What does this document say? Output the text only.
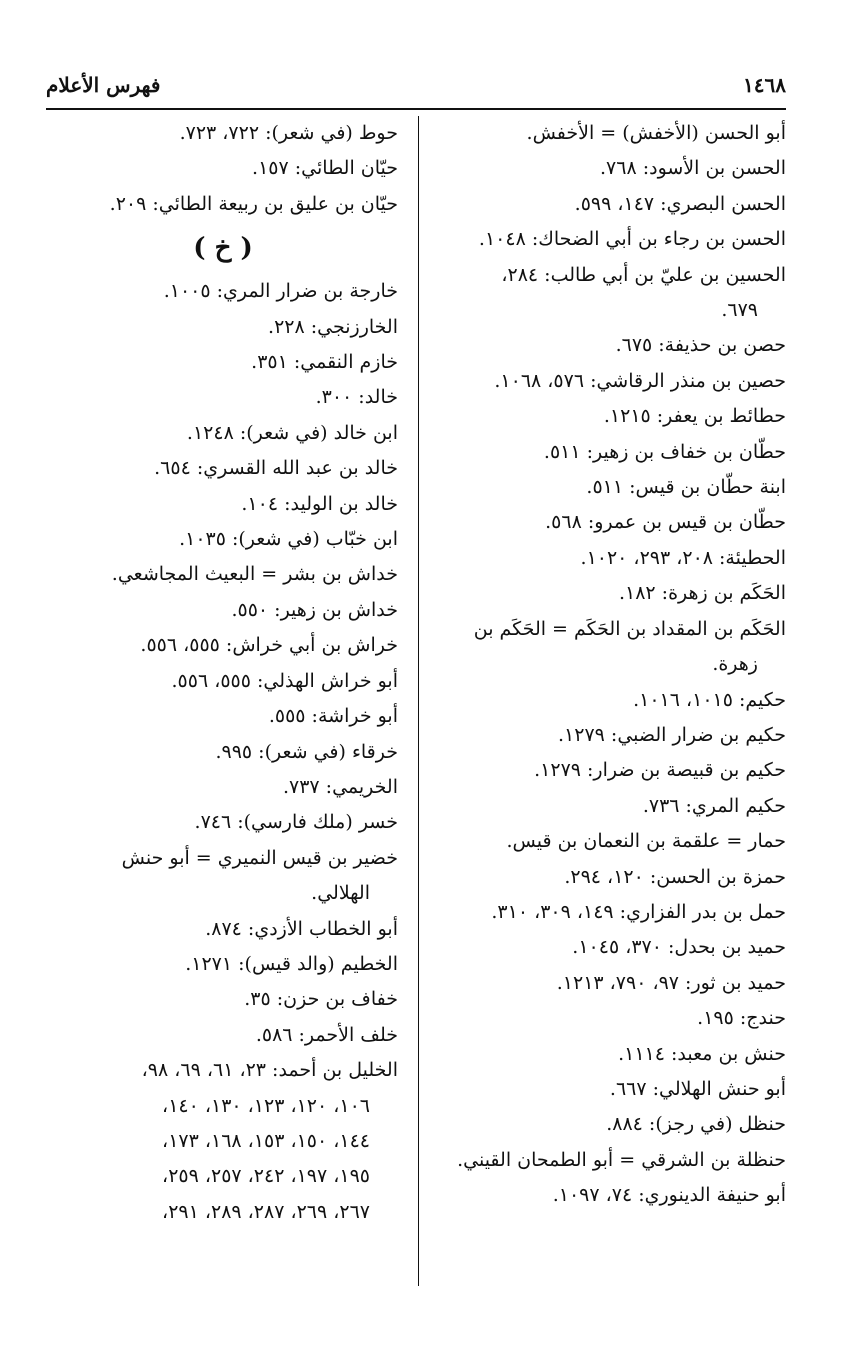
فهرس الأعلام	١٤٦٨
أبو الحسن (الأخفش) = الأخفش.
الحسن بن الأسود: ٧٦٨.
الحسن البصري: ١٤٧، ٥٩٩.
الحسن بن رجاء بن أبي الضحاك: ١٠٤٨.
الحسين بن عليّ بن أبي طالب: ٢٨٤،
٦٧٩.
حصن بن حذيفة: ٦٧٥.
حصين بن منذر الرقاشي: ٥٧٦، ١٠٦٨.
حطائط بن يعفر: ١٢١٥.
حطّان بن خفاف بن زهير: ٥١١.
ابنة حطّان بن قيس: ٥١١.
حطّان بن قيس بن عمرو: ٥٦٨.
الحطيئة: ٢٠٨، ٢٩٣، ١٠٢٠.
الحَكَم بن زهرة: ١٨٢.
الحَكَم بن المقداد بن الحَكَم = الحَكَم بن
زهرة.
حكيم: ١٠١٥، ١٠١٦.
حكيم بن ضرار الضبي: ١٢٧٩.
حكيم بن قبيصة بن ضرار: ١٢٧٩.
حكيم المري: ٧٣٦.
حمار = علقمة بن النعمان بن قيس.
حمزة بن الحسن: ١٢٠، ٢٩٤.
حمل بن بدر الفزاري: ١٤٩، ٣٠٩، ٣١٠.
حميد بن بحدل: ٣٧٠، ١٠٤٥.
حميد بن ثور: ٩٧، ٧٩٠، ١٢١٣.
حندج: ١٩٥.
حنش بن معبد: ١١١٤.
أبو حنش الهلالي: ٦٦٧.
حنظل (في رجز): ٨٨٤.
حنظلة بن الشرقي = أبو الطمحان القيني.
أبو حنيفة الدينوري: ٧٤، ١٠٩٧.
حوط (في شعر): ٧٢٢، ٧٢٣.
حيّان الطائي: ١٥٧.
حيّان بن عليق بن ربيعة الطائي: ٢٠٩.
( خ )
خارجة بن ضرار المري: ١٠٠٥.
الخارزنجي: ٢٢٨.
خازم النقمي: ٣٥١.
خالد: ٣٠٠.
ابن خالد (في شعر): ١٢٤٨.
خالد بن عبد الله القسري: ٦٥٤.
خالد بن الوليد: ١٠٤.
ابن خبّاب (في شعر): ١٠٣٥.
خداش بن بشر = البعيث المجاشعي.
خداش بن زهير: ٥٥٠.
خراش بن أبي خراش: ٥٥٥، ٥٥٦.
أبو خراش الهذلي: ٥٥٥، ٥٥٦.
أبو خراشة: ٥٥٥.
خرقاء (في شعر): ٩٩٥.
الخريمي: ٧٣٧.
خسر (ملك فارسي): ٧٤٦.
خضير بن قيس النميري = أبو حنش
الهلالي.
أبو الخطاب الأزدي: ٨٧٤.
الخطيم (والد قيس): ١٢٧١.
خفاف بن حزن: ٣٥.
خلف الأحمر: ٥٨٦.
الخليل بن أحمد: ٢٣، ٦١، ٦٩، ٩٨،
١٠٦، ١٢٠، ١٢٣، ١٣٠، ١٤٠،
١٤٤، ١٥٠، ١٥٣، ١٦٨، ١٧٣،
١٩٥، ١٩٧، ٢٤٢، ٢٥٧، ٢٥٩،
٢٦٧، ٢٦٩، ٢٨٧، ٢٨٩، ٢٩١،
